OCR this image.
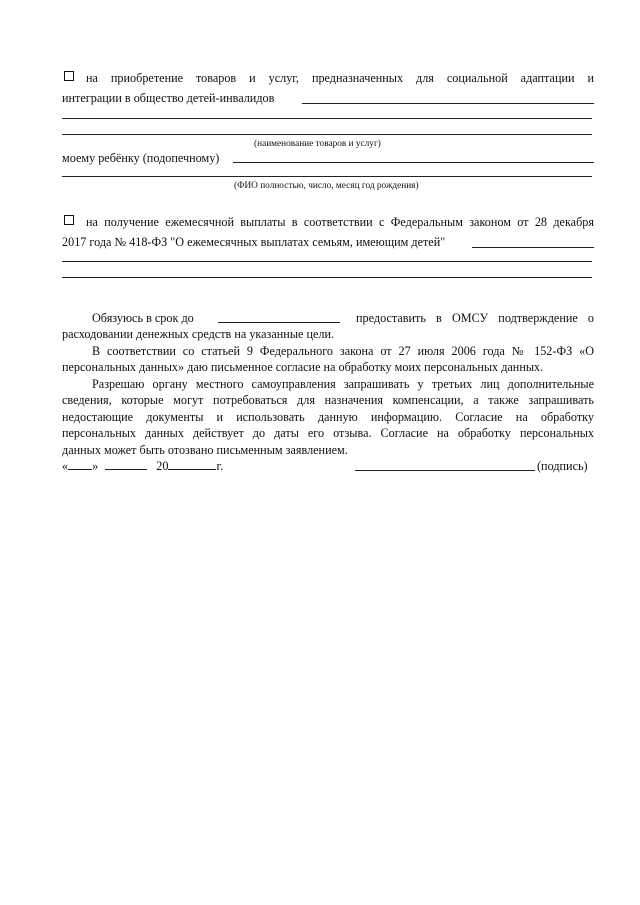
на приобретение товаров и услуг, предназначенных для социальной адаптации и
интеграции в общество детей-инвалидов
(наименование товаров и услуг)
моему ребёнку (подопечному)
(ФИО полностью, число, месяц год рождения)
на получение ежемесячной выплаты в соответствии с Федеральным законом от 28 декабря
2017 года № 418-ФЗ "О ежемесячных выплатах семьям, имеющим детей"
Обязуюсь в срок до	предоставить в ОМСУ подтверждение о
расходовании денежных средств на указанные цели.
В соответствии со статьей 9 Федерального закона от 27 июля 2006 года № 152-ФЗ «О
персональных данных» даю письменное согласие на обработку моих персональных данных.
Разрешаю органу местного самоуправления запрашивать у третьих лиц дополнительные
сведения, которые могут потребоваться для назначения компенсации, а также запрашивать
недостающие документы и использовать данную информацию. Согласие на обработку
персональных данных действует до даты его отзыва. Согласие на обработку персональных
данных может быть отозвано письменным заявлением.
« »	20	г.	(подпись)
